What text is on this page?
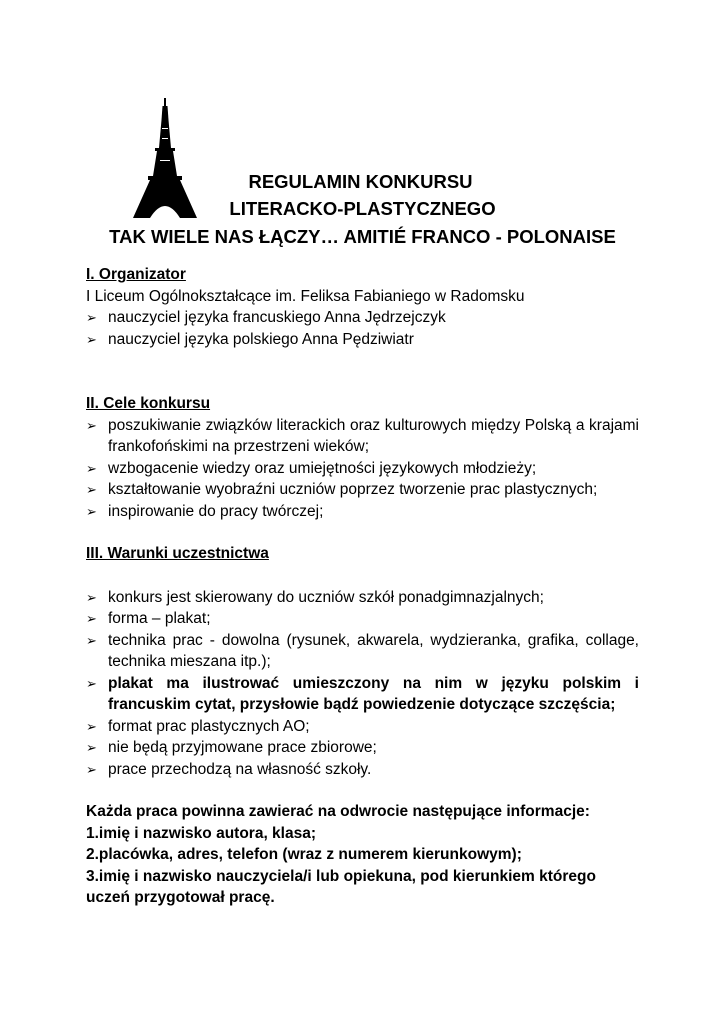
REGULAMIN KONKURSU
LITERACKO-PLASTYCZNEGO
TAK WIELE NAS ŁĄCZY… AMITIÉ FRANCO - POLONAISE

I. Organizator

I Liceum Ogólnokształcące im. Feliksa Fabianiego w Radomsku

➢ nauczyciel języka francuskiego Anna Jędrzejczyk
➢ nauczyciel języka polskiego Anna Pędziwiatr

II. Cele konkursu

➢ poszukiwanie związków literackich oraz kulturowych między Polską a krajami frankofońskimi na przestrzeni wieków;
➢ wzbogacenie wiedzy oraz umiejętności językowych młodzieży;
➢ kształtowanie wyobraźni uczniów poprzez tworzenie prac plastycznych;
➢ inspirowanie do pracy twórczej;

III. Warunki uczestnictwa

➢ konkurs jest skierowany do uczniów szkół ponadgimnazjalnych;
➢ forma – plakat;
➢ technika prac - dowolna (rysunek, akwarela, wydzieranka, grafika, collage, technika mieszana itp.);
➢ plakat ma ilustrować umieszczony na nim w języku polskim i francuskim cytat, przysłowie bądź powiedzenie dotyczące szczęścia;
➢ format prac plastycznych AO;
➢ nie będą przyjmowane prace zbiorowe;
➢ prace przechodzą na własność szkoły.

Każda praca powinna zawierać na odwrocie następujące informacje:

1.imię i nazwisko autora, klasa;

2.placówka, adres, telefon (wraz z numerem kierunkowym);

3.imię i nazwisko nauczyciela/i lub opiekuna, pod kierunkiem którego uczeń przygotował pracę.
